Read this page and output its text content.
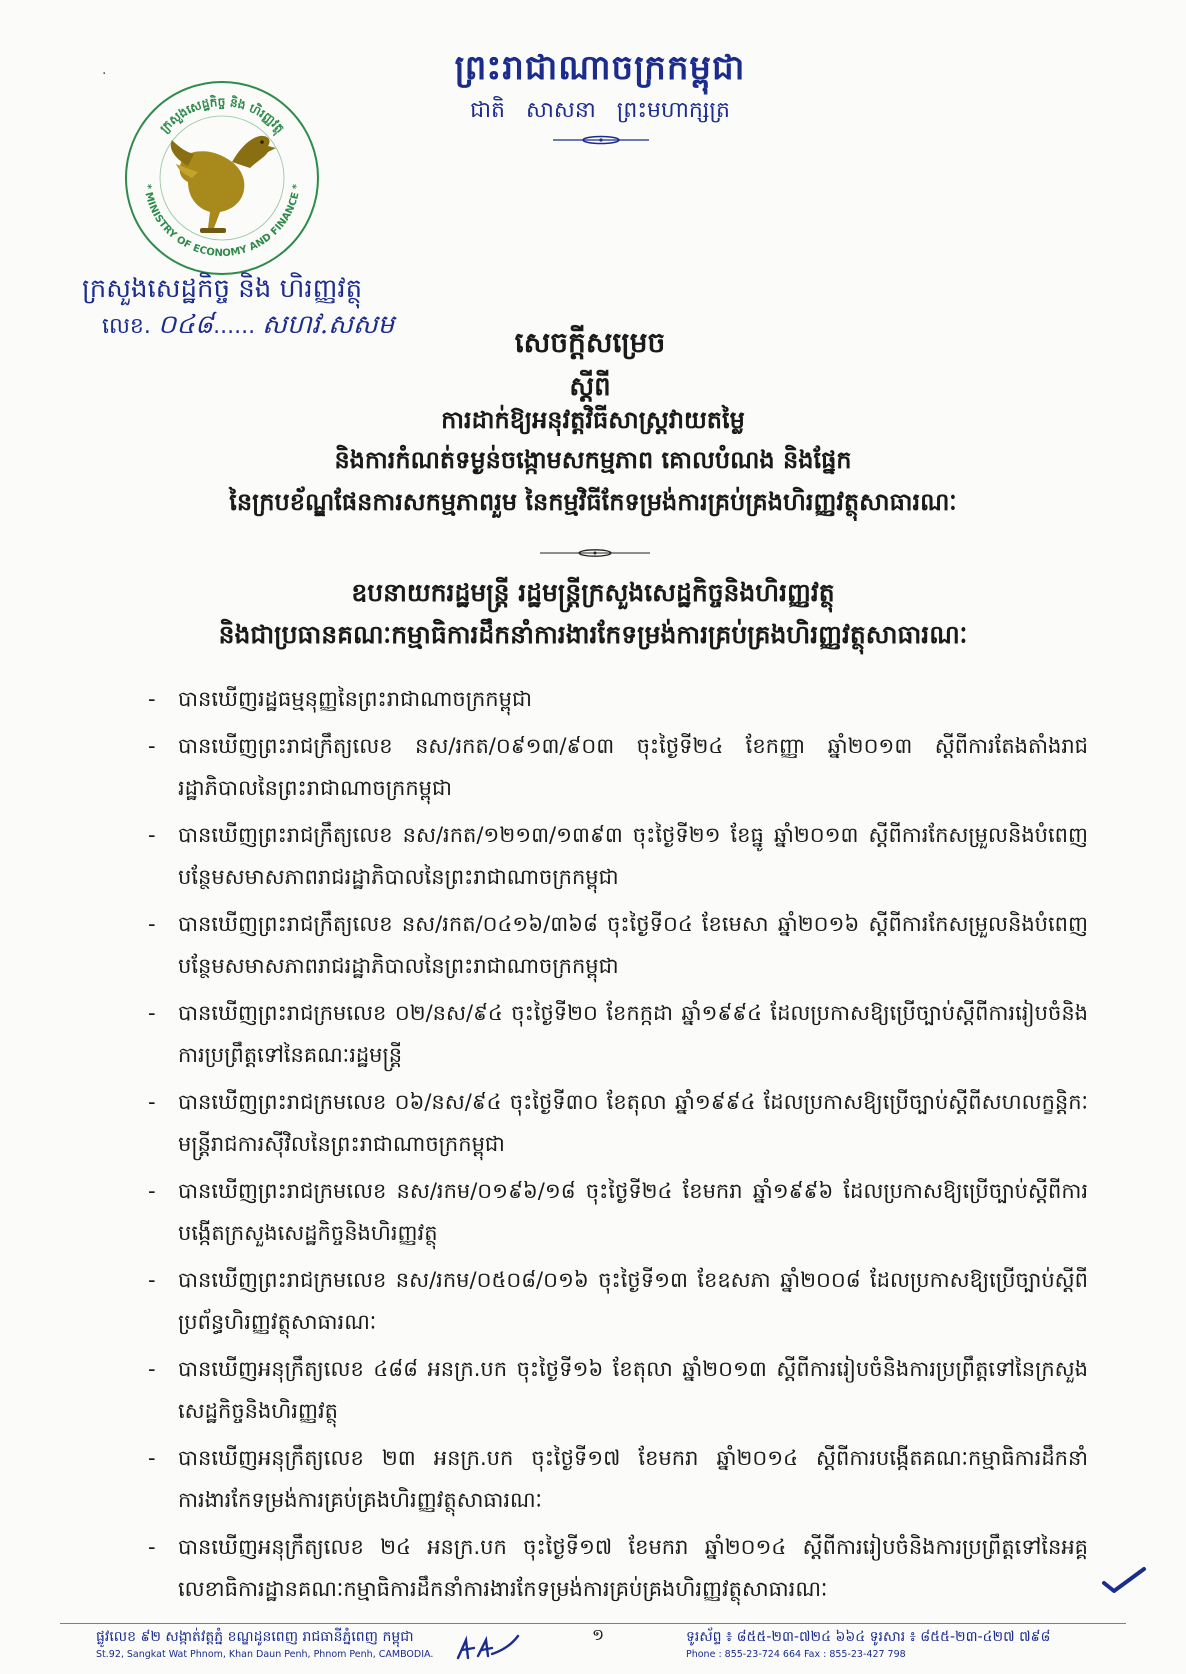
·	ព្រះរាជាណាចក្រកម្ពុជា
ជាតិ សាសនា ព្រះមហាក្សត្រ
ក្រសួងសេដ្ឋកិច្ច និង ហិរញ្ញវត្ថុ
* MINISTRY OF ECONOMY AND FINANCE *
ក្រសួងសេដ្ឋកិច្ច និង ហិរញ្ញវត្ថុ
លេខ. ០៤៨...... សហវ.សសម
សេចក្តីសម្រេច
ស្តីពី
ការដាក់ឱ្យអនុវត្តវិធីសាស្ត្រវាយតម្លៃ
និងការកំណត់ទម្ងន់ចង្កោមសកម្មភាព គោលបំណង និងផ្នែក
នៃក្របខ័ណ្ឌផែនការសកម្មភាពរួម នៃកម្មវិធីកែទម្រង់ការគ្រប់គ្រងហិរញ្ញវត្ថុសាធារណៈ
ឧបនាយករដ្ឋមន្ត្រី រដ្ឋមន្ត្រីក្រសួងសេដ្ឋកិច្ចនិងហិរញ្ញវត្ថុ
និងជាប្រធានគណៈកម្មាធិការដឹកនាំការងារកែទម្រង់ការគ្រប់គ្រងហិរញ្ញវត្ថុសាធារណៈ
- បានឃើញរដ្ឋធម្មនុញ្ញនៃព្រះរាជាណាចក្រកម្ពុជា
- បានឃើញព្រះរាជក្រឹត្យលេខ នស/រកត/០៩១៣/៩០៣ ចុះថ្ងៃទី២៤ ខែកញ្ញា ឆ្នាំ២០១៣ ស្តីពីការតែងតាំងរាជរដ្ឋាភិបាលនៃព្រះរាជាណាចក្រកម្ពុជា
- បានឃើញព្រះរាជក្រឹត្យលេខ នស/រកត/១២១៣/១៣៩៣ ចុះថ្ងៃទី២១ ខែធ្នូ ឆ្នាំ២០១៣ ស្តីពីការកែសម្រួលនិងបំពេញបន្ថែមសមាសភាពរាជរដ្ឋាភិបាលនៃព្រះរាជាណាចក្រកម្ពុជា
- បានឃើញព្រះរាជក្រឹត្យលេខ នស/រកត/០៤១៦/៣៦៨ ចុះថ្ងៃទី០៤ ខែមេសា ឆ្នាំ២០១៦ ស្តីពីការកែសម្រួលនិងបំពេញបន្ថែមសមាសភាពរាជរដ្ឋាភិបាលនៃព្រះរាជាណាចក្រកម្ពុជា
- បានឃើញព្រះរាជក្រមលេខ ០២/នស/៩៤ ចុះថ្ងៃទី២០ ខែកក្កដា ឆ្នាំ១៩៩៤ ដែលប្រកាសឱ្យប្រើច្បាប់ស្តីពីការរៀបចំនិងការប្រព្រឹត្តទៅនៃគណៈរដ្ឋមន្ត្រី
- បានឃើញព្រះរាជក្រមលេខ ០៦/នស/៩៤ ចុះថ្ងៃទី៣០ ខែតុលា ឆ្នាំ១៩៩៤ ដែលប្រកាសឱ្យប្រើច្បាប់ស្តីពីសហលក្ខន្តិកៈមន្ត្រីរាជការស៊ីវិលនៃព្រះរាជាណាចក្រកម្ពុជា
- បានឃើញព្រះរាជក្រមលេខ នស/រកម/០១៩៦/១៨ ចុះថ្ងៃទី២៤ ខែមករា ឆ្នាំ១៩៩៦ ដែលប្រកាសឱ្យប្រើច្បាប់ស្តីពីការបង្កើតក្រសួងសេដ្ឋកិច្ចនិងហិរញ្ញវត្ថុ
- បានឃើញព្រះរាជក្រមលេខ នស/រកម/០៥០៨/០១៦ ចុះថ្ងៃទី១៣ ខែឧសភា ឆ្នាំ២០០៨ ដែលប្រកាសឱ្យប្រើច្បាប់ស្តីពីប្រព័ន្ធហិរញ្ញវត្ថុសាធារណៈ
- បានឃើញអនុក្រឹត្យលេខ ៤៨៨ អនក្រ.បក ចុះថ្ងៃទី១៦ ខែតុលា ឆ្នាំ២០១៣ ស្តីពីការរៀបចំនិងការប្រព្រឹត្តទៅនៃក្រសួងសេដ្ឋកិច្ចនិងហិរញ្ញវត្ថុ
- បានឃើញអនុក្រឹត្យលេខ ២៣ អនក្រ.បក ចុះថ្ងៃទី១៧ ខែមករា ឆ្នាំ២០១៤ ស្តីពីការបង្កើតគណៈកម្មាធិការដឹកនាំការងារកែទម្រង់ការគ្រប់គ្រងហិរញ្ញវត្ថុសាធារណៈ
- បានឃើញអនុក្រឹត្យលេខ ២៤ អនក្រ.បក ចុះថ្ងៃទី១៧ ខែមករា ឆ្នាំ២០១៤ ស្តីពីការរៀបចំនិងការប្រព្រឹត្តទៅនៃអគ្គលេខាធិការដ្ឋានគណៈកម្មាធិការដឹកនាំការងារកែទម្រង់ការគ្រប់គ្រងហិរញ្ញវត្ថុសាធារណៈ
ផ្លូវលេខ ៩២ សង្កាត់វត្តភ្នំ ខណ្ឌដូនពេញ រាជធានីភ្នំពេញ កម្ពុជា
St.92, Sangkat Wat Phnom, Khan Daun Penh, Phnom Penh, CAMBODIA.
១	ទូរស័ព្ទ ៖ ៨៥៥-២៣-៧២៤ ៦៦៤ ទូរសារ ៖ ៨៥៥-២៣-៤២៧ ៧៩៨
Phone : 855-23-724 664 Fax : 855-23-427 798
